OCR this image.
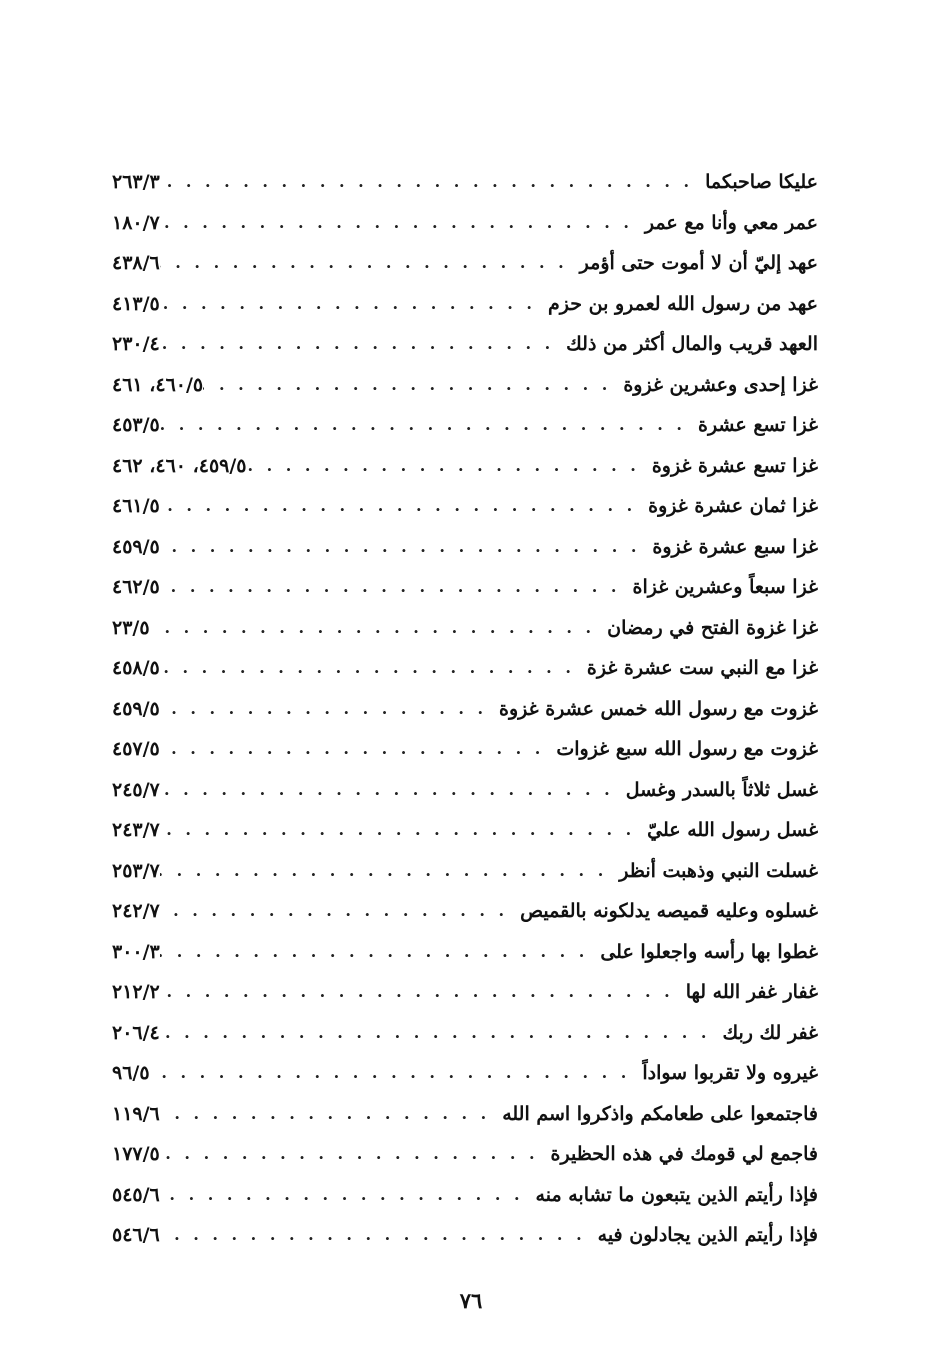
عليكا صاحبكما
. . .
٢٦٣/٣
عمر معي وأنا مع عمر
. . .
١٨٠/٧
عهد إليّ أن لا أموت حتى أؤمر
. . .
٤٣٨/٦
عهد من رسول الله لعمرو بن حزم
. . .
٤١٣/٥
العهد قريب والمال أكثر من ذلك
. . .
٢٣٠/٤
غزا إحدى وعشرين غزوة
. . .
٤٦٠/٥، ٤٦١
غزا تسع عشرة
. . .
٤٥٣/٥
غزا تسع عشرة غزوة
. . .
٤٥٩/٥، ٤٦٠، ٤٦٢
غزا ثمان عشرة غزوة
. . .
٤٦١/٥
غزا سبع عشرة غزوة
. . .
٤٥٩/٥
غزا سبعاً وعشرين غزاة
. . .
٤٦٢/٥
غزا غزوة الفتح في رمضان
. . .
٢٣/٥
غزا مع النبي ست عشرة غزة
. . .
٤٥٨/٥
غزوت مع رسول الله خمس عشرة غزوة
. . .
٤٥٩/٥
غزوت مع رسول الله سبع غزوات
. . .
٤٥٧/٥
غسل ثلاثاً بالسدر وغسل
. . .
٢٤٥/٧
غسل رسول الله عليّ
. . .
٢٤٣/٧
غسلت النبي وذهبت أنظر
. . .
٢٥٣/٧
غسلوه وعليه قميصه يدلكونه بالقميص
. . .
٢٤٢/٧
غطوا بها رأسه واجعلوا على
. . .
٣٠٠/٣
غفار غفر الله لها
. . .
٢١٢/٢
غفر لك ربك
. . .
٢٠٦/٤
غيروه ولا تقربوا سواداً
. . .
٩٦/٥
فاجتمعوا على طعامكم واذكروا اسم الله
. . .
١١٩/٦
فاجمع لي قومك في هذه الحظيرة
. . .
١٧٧/٥
فإذا رأيتم الذين يتبعون ما تشابه منه
. . .
٥٤٥/٦
فإذا رأيتم الذين يجادلون فيه
. . .
٥٤٦/٦
٧٦
